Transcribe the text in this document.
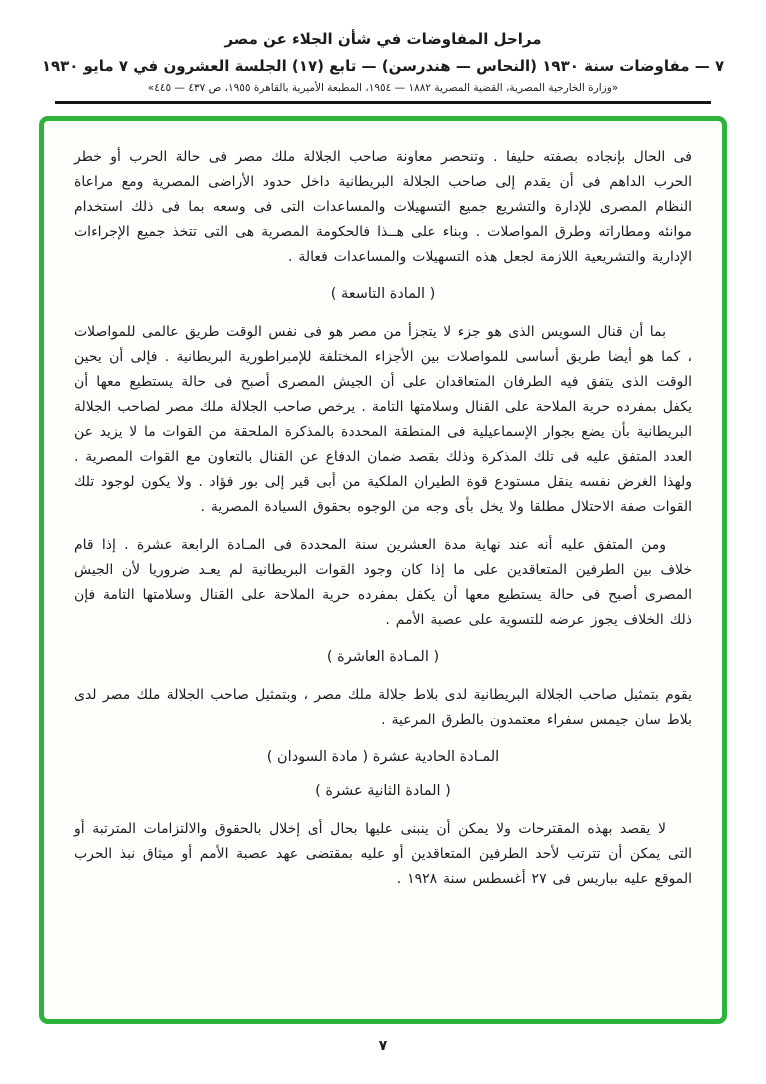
مراحل المفاوضات في شأن الجلاء عن مصر
٧ — مفاوضات سنة ١٩٣٠ (النحاس — هندرسن) — تابع (١٧) الجلسة العشرون في ٧ مايو ١٩٣٠
«وزارة الخارجية المصرية، القضية المصرية ١٨٨٢ — ١٩٥٤، المطبعة الأميرية بالقاهرة ١٩٥٥، ص ٤٣٧ — ٤٤٥»
فى الحال بإنجاده بصفته حليفا . وتنحصر معاونة صاحب الجلالة ملك مصر فى حالة الحرب أو خطر الحرب الداهم فى أن يقدم إلى صاحب الجلالة البريطانية داخل حدود الأراضى المصرية ومع مراعاة النظام المصرى للإدارة والتشريع جميع التسهيلات والمساعدات التى فى وسعه بما فى ذلك استخدام موانئه ومطاراته وطرق المواصلات . وبناء على هــذا فالحكومة المصرية هى التى تتخذ جميع الإجراءات الإدارية والتشريعية اللازمة لجعل هذه التسهيلات والمساعدات فعالة .
( المادة التاسعة )
بما أن قنال السويس الذى هو جزء لا يتجزأ من مصر هو فى نفس الوقت طريق عالمى للمواصلات ، كما هو أيضا طريق أساسى للمواصلات بين الأجزاء المختلفة للإمبراطورية البريطانية . فإلى أن يحين الوقت الذى يتفق فيه الطرفان المتعاقدان على أن الجيش المصرى أصبح فى حالة يستطيع معها أن يكفل بمفرده حرية الملاحة على القنال وسلامتها التامة . يرخص صاحب الجلالة ملك مصر لصاحب الجلالة البريطانية بأن يضع بجوار الإسماعيلية فى المنطقة المحددة بالمذكرة الملحقة من القوات ما لا يزيد عن العدد المتفق عليه فى تلك المذكرة وذلك بقصد ضمان الدفاع عن القنال بالتعاون مع القوات المصرية . ولهذا الغرض نفسه ينقل مستودع قوة الطيران الملكية من أبى قير إلى بور فؤاد . ولا يكون لوجود تلك القوات صفة الاحتلال مطلقا ولا يخل بأى وجه من الوجوه بحقوق السيادة المصرية .
ومن المتفق عليه أنه عند نهاية مدة العشرين سنة المحددة فى المـادة الرابعة عشرة . إذا قام خلاف بين الطرفين المتعاقدين على ما إذا كان وجود القوات البريطانية لم يعـد ضروريا لأن الجيش المصرى أصبح فى حالة يستطيع معها أن يكفل بمفرده حرية الملاحة على القنال وسلامتها التامة فإن ذلك الخلاف يجوز عرضه للتسوية على عصبة الأمم .
( المـادة العاشرة )
يقوم بتمثيل صاحب الجلالة البريطانية لدى بلاط جلالة ملك مصر ، وبتمثيل صاحب الجلالة ملك مصر لدى بلاط سان جيمس سفراء معتمدون بالطرق المرعية .
المـادة الحادية عشرة ( مادة السودان )
( المادة الثانية عشرة )
لا يقصد بهذه المقترحات ولا يمكن أن ينبنى عليها بحال أى إخلال بالحقوق والالتزامات المترتبة أو التى يمكن أن تترتب لأحد الطرفين المتعاقدين أو عليه بمقتضى عهد عصبة الأمم أو ميثاق نبذ الحرب الموقع عليه بباريس فى ٢٧ أغسطس سنة ١٩٢٨ .
٧
